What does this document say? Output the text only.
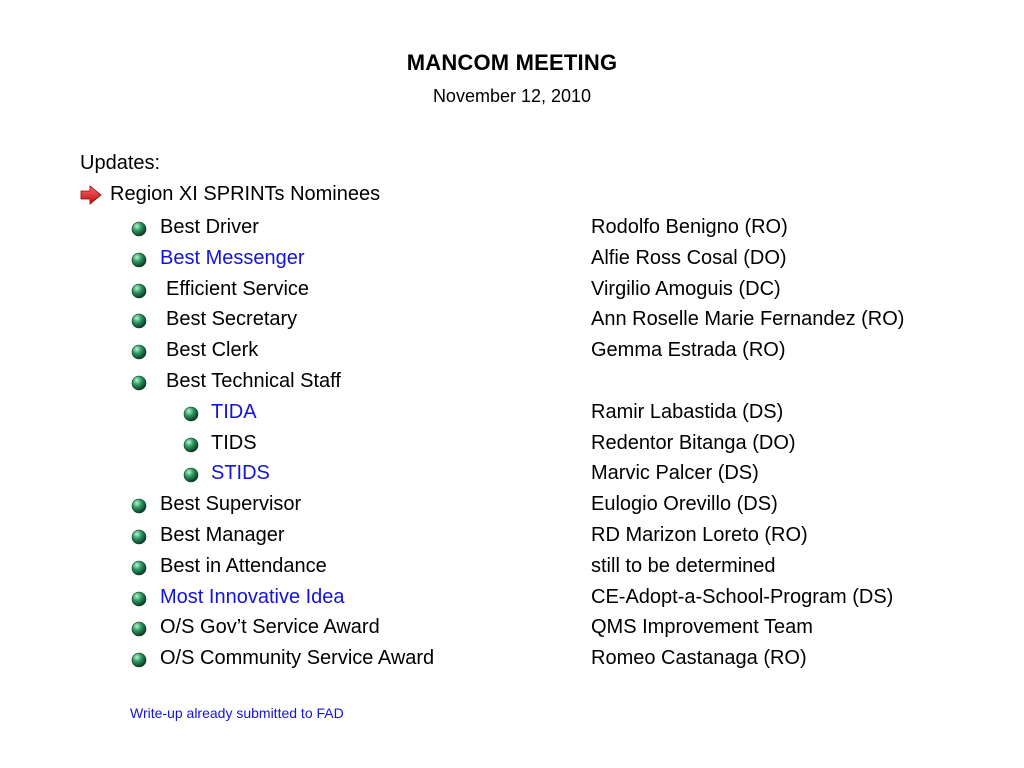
MANCOM MEETING
November 12, 2010
Updates:
Region XI SPRINTs Nominees
Best Driver	Rodolfo Benigno (RO)
Best Messenger	Alfie Ross Cosal (DO)
Efficient Service	Virgilio Amoguis (DC)
Best Secretary	Ann Roselle Marie Fernandez (RO)
Best Clerk	Gemma Estrada (RO)
Best Technical Staff
TIDA	Ramir Labastida (DS)
TIDS	Redentor Bitanga (DO)
STIDS	Marvic Palcer (DS)
Best Supervisor	Eulogio Orevillo (DS)
Best Manager	RD Marizon Loreto (RO)
Best in Attendance	still to be determined
Most Innovative Idea	CE-Adopt-a-School-Program (DS)
O/S Gov’t Service Award	QMS Improvement Team
O/S Community Service Award	Romeo Castanaga (RO)
Write-up already submitted to FAD
